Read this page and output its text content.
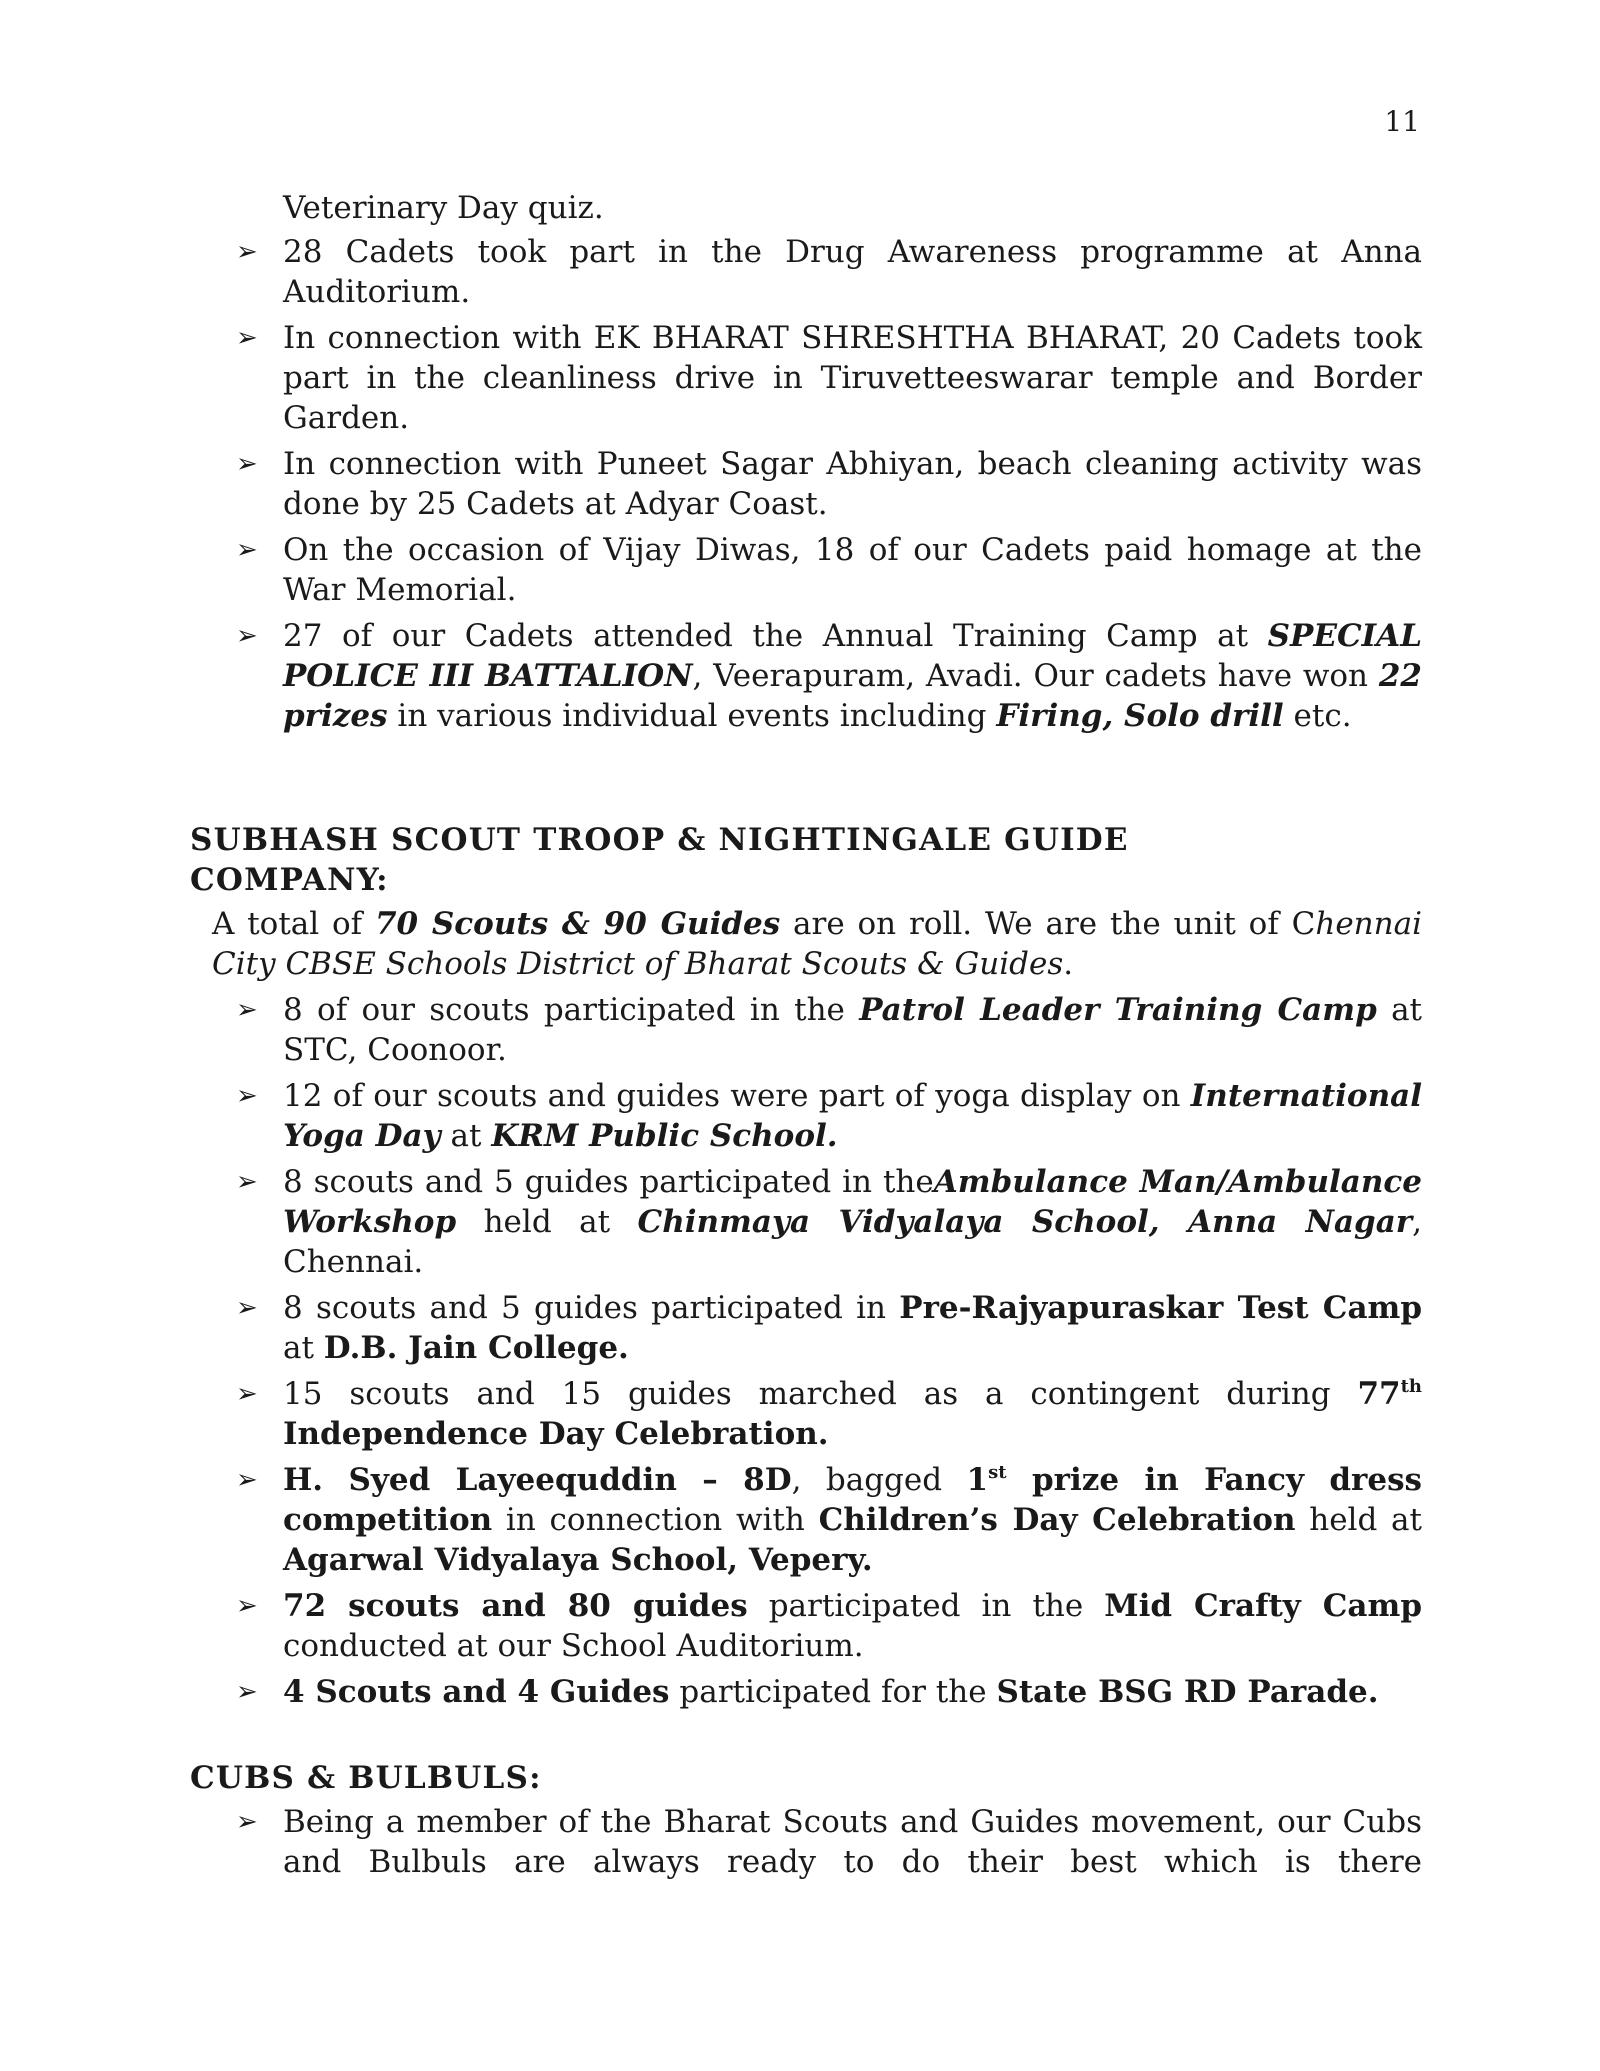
11
Veterinary Day quiz.
➢ 28 Cadets took part in the Drug Awareness programme at Anna Auditorium.
➢ In connection with EK BHARAT SHRESHTHA BHARAT, 20 Cadets took part in the cleanliness drive in Tiruvetteeswarar temple and Border Garden.
➢ In connection with Puneet Sagar Abhiyan, beach cleaning activity was done by 25 Cadets at Adyar Coast.
➢ On the occasion of Vijay Diwas, 18 of our Cadets paid homage at the War Memorial.
➢ 27 of our Cadets attended the Annual Training Camp at SPECIAL POLICE III BATTALION, Veerapuram, Avadi. Our cadets have won 22 prizes in various individual events including Firing, Solo drill etc.
SUBHASH SCOUT TROOP & NIGHTINGALE GUIDE
COMPANY:
A total of 70 Scouts & 90 Guides are on roll. We are the unit of Chennai City CBSE Schools District of Bharat Scouts & Guides.
➢ 8 of our scouts participated in the Patrol Leader Training Camp at STC, Coonoor.
➢ 12 of our scouts and guides were part of yoga display on International Yoga Day at KRM Public School.
➢ 8 scouts and 5 guides participated in theAmbulance Man/Ambulance Workshop held at Chinmaya Vidyalaya School, Anna Nagar, Chennai.
➢ 8 scouts and 5 guides participated in Pre-Rajyapuraskar Test Camp at D.B. Jain College.
➢ 15 scouts and 15 guides marched as a contingent during 77th Independence Day Celebration.
➢ H. Syed Layeequddin – 8D, bagged 1st prize in Fancy dress competition in connection with Children’s Day Celebration held at Agarwal Vidyalaya School, Vepery.
➢ 72 scouts and 80 guides participated in the Mid Crafty Camp conducted at our School Auditorium.
➢ 4 Scouts and 4 Guides participated for the State BSG RD Parade.
CUBS & BULBULS:
➢ Being a member of the Bharat Scouts and Guides movement, our Cubs and Bulbuls are always ready to do their best which is there
